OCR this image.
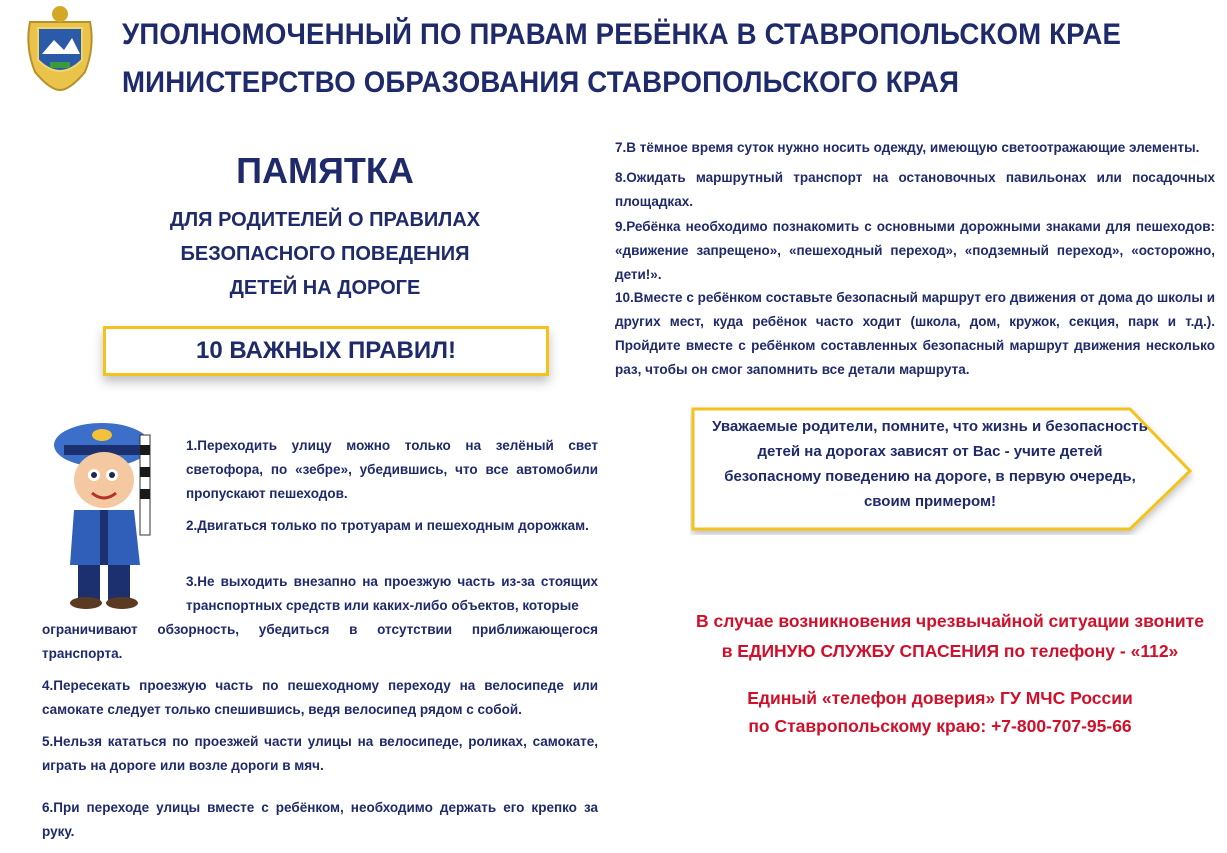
УПОЛНОМОЧЕННЫЙ ПО ПРАВАМ РЕБЁНКА В СТАВРОПОЛЬСКОМ КРАЕ
МИНИСТЕРСТВО ОБРАЗОВАНИЯ СТАВРОПОЛЬСКОГО КРАЯ
ПАМЯТКА
ДЛЯ РОДИТЕЛЕЙ О ПРАВИЛАХ
БЕЗОПАСНОГО ПОВЕДЕНИЯ
ДЕТЕЙ НА ДОРОГЕ
10 ВАЖНЫХ ПРАВИЛ!
1.Переходить улицу можно только на зелёный свет светофора, по «зебре», убедившись, что все автомобили пропускают пешеходов.
2.Двигаться только по тротуарам и пешеходным дорожкам.
3.Не выходить внезапно на проезжую часть из-за стоящих транспортных средств или каких-либо объектов, которые
ограничивают обзорность, убедиться в отсутствии приближающегося транспорта.
4.Пересекать проезжую часть по пешеходному переходу на велосипеде или самокате следует только спешившись, ведя велосипед рядом с собой.
5.Нельзя кататься по проезжей части улицы на велосипеде, роликах, самокате, играть на дороге или возле дороги в мяч.
6.При переходе улицы вместе с ребёнком, необходимо держать его крепко за руку.
7.В тёмное время суток нужно носить одежду, имеющую светоотражающие элементы.
8.Ожидать маршрутный транспорт на остановочных павильонах или посадочных площадках.
9.Ребёнка необходимо познакомить с основными дорожными знаками для пешеходов: «движение запрещено», «пешеходный переход», «подземный переход», «осторожно, дети!».
10.Вместе с ребёнком составьте безопасный маршрут его движения от дома до школы и других мест, куда ребёнок часто ходит (школа, дом, кружок, секция, парк и т.д.). Пройдите вместе с ребёнком составленных безопасный маршрут движения несколько раз, чтобы он смог запомнить все детали маршрута.
Уважаемые родители, помните, что жизнь и безопасность детей на дорогах зависят от Вас - учите детей безопасному поведению на дороге, в первую очередь, своим примером!
В случае возникновения чрезвычайной ситуации звоните
в ЕДИНУЮ СЛУЖБУ СПАСЕНИЯ по телефону - «112»
Единый «телефон доверия» ГУ МЧС России
по Ставропольскому краю: +7-800-707-95-66
